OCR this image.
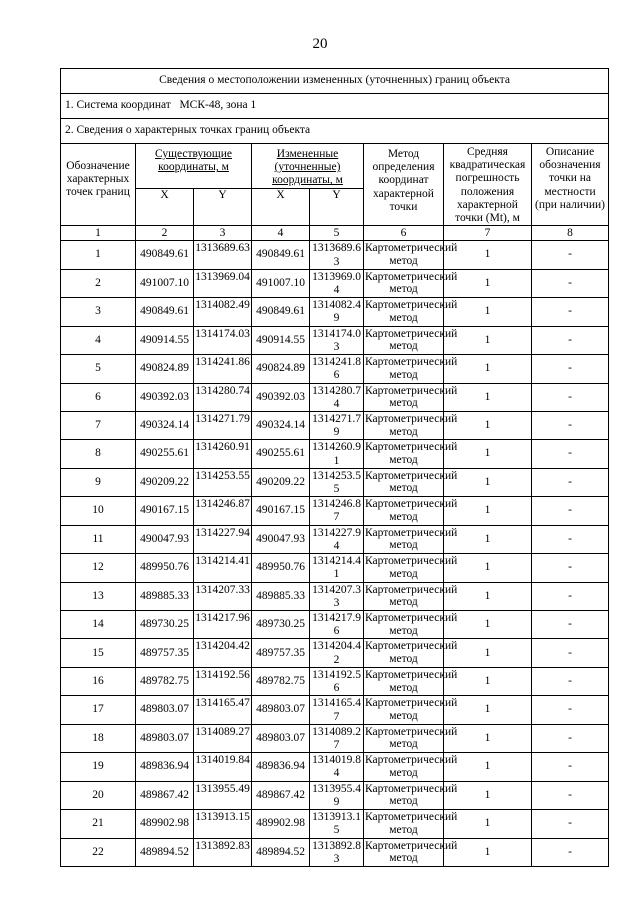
20
Сведения о местоположении измененных (уточненных) границ объекта							
1. Система координат   МСК-48, зона 1							
2. Сведения о характерных точках границ объекта							
Обозначение характерных точек границ	Существующие координаты, м		Измененные (уточненные) координаты, м		Метод определения координат характерной точки	Средняя квадратическая погрешность положения характерной точки (Mt), м	Описание обозначения точки на местности (при наличии)
	X	Y	X	Y			
1	2	3	4	5	6	7	8
1	490849.61	1313689.63	490849.61	1313689.63	Картометрический метод	1	-
2	491007.10	1313969.04	491007.10	1313969.04	Картометрический метод	1	-
3	490849.61	1314082.49	490849.61	1314082.49	Картометрический метод	1	-
4	490914.55	1314174.03	490914.55	1314174.03	Картометрический метод	1	-
5	490824.89	1314241.86	490824.89	1314241.86	Картометрический метод	1	-
6	490392.03	1314280.74	490392.03	1314280.74	Картометрический метод	1	-
7	490324.14	1314271.79	490324.14	1314271.79	Картометрический метод	1	-
8	490255.61	1314260.91	490255.61	1314260.91	Картометрический метод	1	-
9	490209.22	1314253.55	490209.22	1314253.55	Картометрический метод	1	-
10	490167.15	1314246.87	490167.15	1314246.87	Картометрический метод	1	-
11	490047.93	1314227.94	490047.93	1314227.94	Картометрический метод	1	-
12	489950.76	1314214.41	489950.76	1314214.41	Картометрический метод	1	-
13	489885.33	1314207.33	489885.33	1314207.33	Картометрический метод	1	-
14	489730.25	1314217.96	489730.25	1314217.96	Картометрический метод	1	-
15	489757.35	1314204.42	489757.35	1314204.42	Картометрический метод	1	-
16	489782.75	1314192.56	489782.75	1314192.56	Картометрический метод	1	-
17	489803.07	1314165.47	489803.07	1314165.47	Картометрический метод	1	-
18	489803.07	1314089.27	489803.07	1314089.27	Картометрический метод	1	-
19	489836.94	1314019.84	489836.94	1314019.84	Картометрический метод	1	-
20	489867.42	1313955.49	489867.42	1313955.49	Картометрический метод	1	-
21	489902.98	1313913.15	489902.98	1313913.15	Картометрический метод	1	-
22	489894.52	1313892.83	489894.52	1313892.83	Картометрический метод	1	-
